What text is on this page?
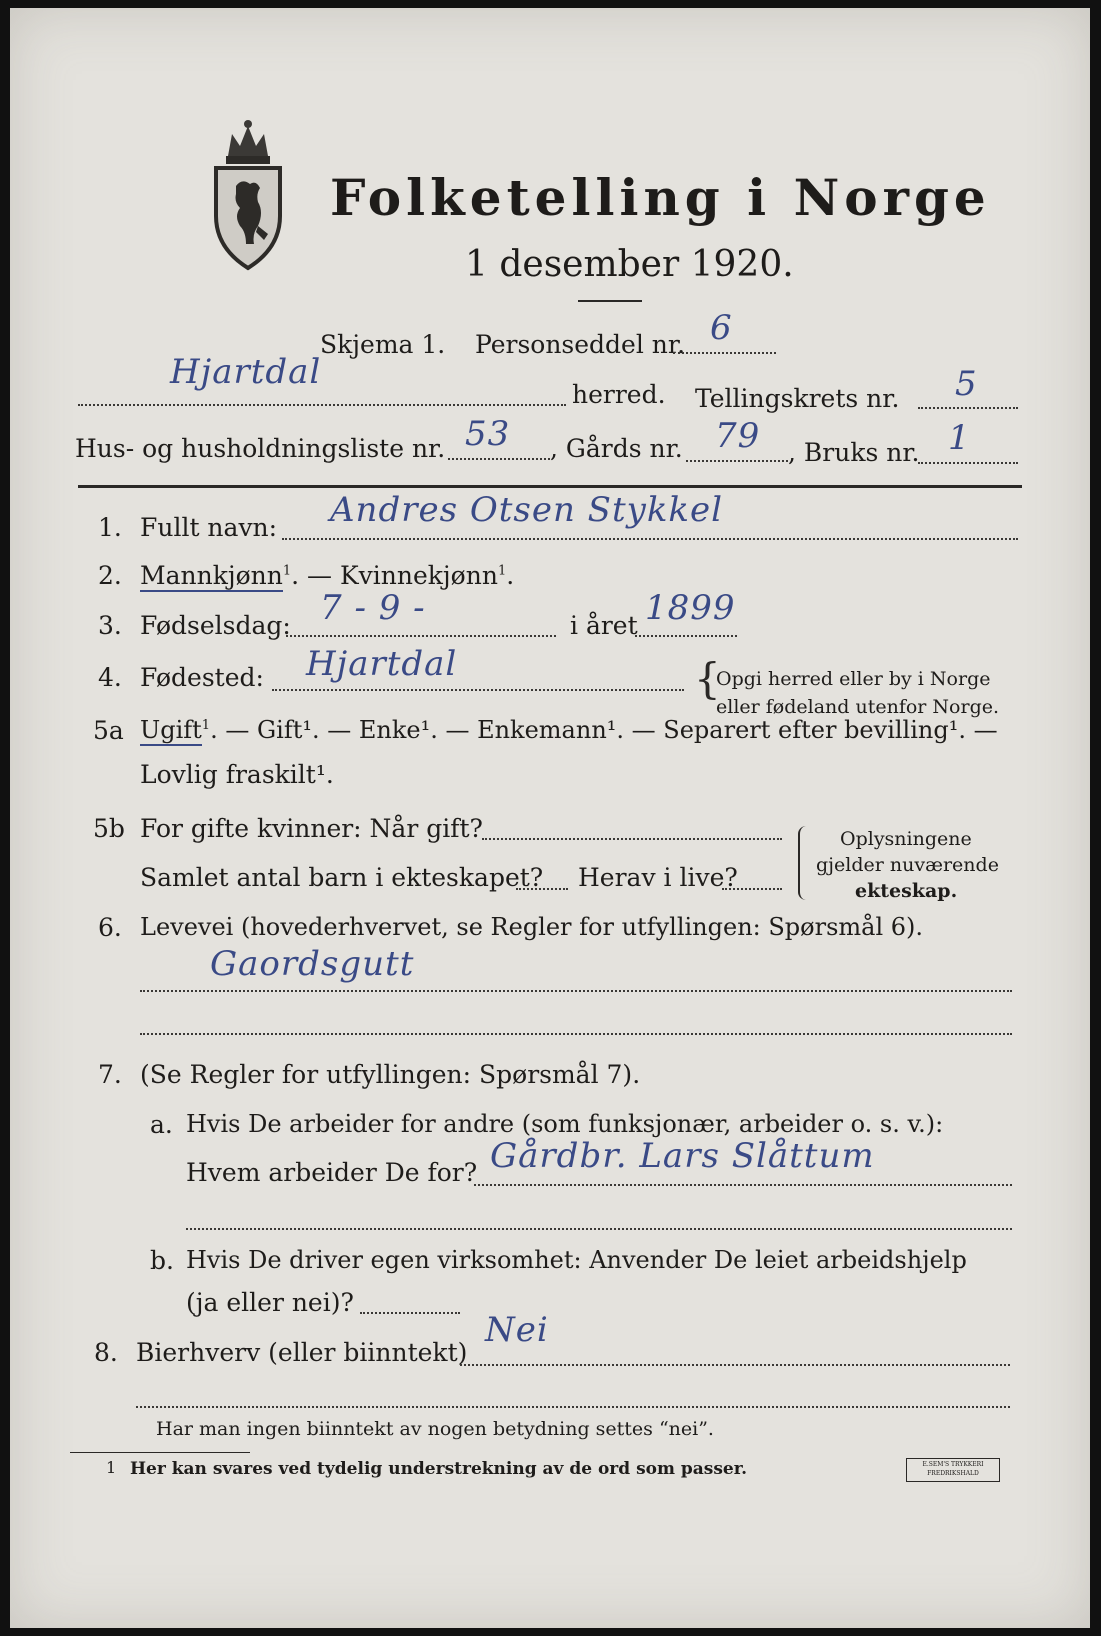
Folketelling i Norge
1 desember 1920.
Skjema 1. Personseddel nr. 6
Hjartdal
herred. Tellingskrets nr. 5
Hus- og husholdningsliste nr. 53 , Gårds nr. 79 , Bruks nr. 1
1. Fullt navn: Andres Otsen Stykkel
2. Mannkjønn$^1$. — Kvinnekjønn$^1$.
3. Fødselsdag: 7 - 9 -	i året 1899
4. Fødested: Hjartdal	{
Opgi herred eller by i Norge
eller fødeland utenfor Norge.
5a Ugift$^1$. — Gift¹. — Enke¹. — Enkemann¹. — Separert efter bevilling¹. —
Lovlig fraskilt¹.
5b For gifte kvinner: Når gift?
Samlet antal barn i ekteskapet? Herav i live?
Oplysningene
gjelder nuværende
ekteskap.
6. Levevei (hovederhvervet, se Regler for utfyllingen: Spørsmål 6).
Gaordsgutt
7. (Se Regler for utfyllingen: Spørsmål 7).
a. Hvis De arbeider for andre (som funksjonær, arbeider o. s. v.):
Hvem arbeider De for? Gårdbr. Lars Slåttum
b. Hvis De driver egen virksomhet: Anvender De leiet arbeidshjelp
(ja eller nei)?
8. Bierhverv (eller biinntekt)
Nei
Har man ingen biinntekt av nogen betydning settes “nei”.
1 Her kan svares ved tydelig understrekning av de ord som passer.	E.SEM'S TRYKKERI
FREDRIKSHALD
